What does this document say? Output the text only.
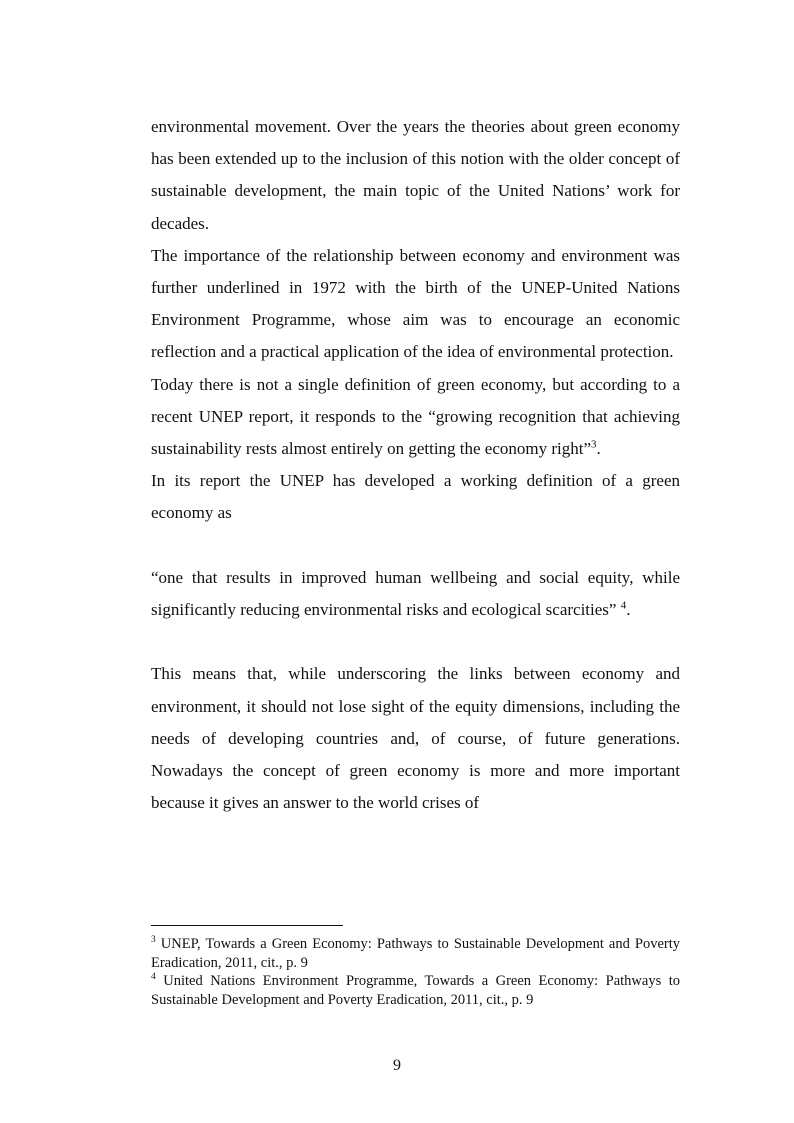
environmental movement. Over the years the theories about green economy has been extended up to the inclusion of this notion with the older concept of sustainable development, the main topic of the United Nations’ work for decades.

The importance of the relationship between economy and environment was further underlined in 1972 with the birth of the UNEP-United Nations Environment Programme, whose aim was to encourage an economic reflection and a practical application of the idea of environmental protection.

Today there is not a single definition of green economy, but according to a recent UNEP report, it responds to the “growing recognition that achieving sustainability rests almost entirely on getting the economy right”$^3$.

In its report the UNEP has developed a working definition of a green economy as

“one that results in improved human wellbeing and social equity, while significantly reducing environmental risks and ecological scarcities” $^4$.

This means that, while underscoring the links between economy and environment, it should not lose sight of the equity dimensions, including the needs of developing countries and, of course, of future generations. Nowadays the concept of green economy is more and more important because it gives an answer to the world crises of

$^3$ UNEP, Towards a Green Economy: Pathways to Sustainable Development and Poverty Eradication, 2011, cit., p. 9

$^4$ United Nations Environment Programme, Towards a Green Economy: Pathways to Sustainable Development and Poverty Eradication, 2011, cit., p. 9

9
